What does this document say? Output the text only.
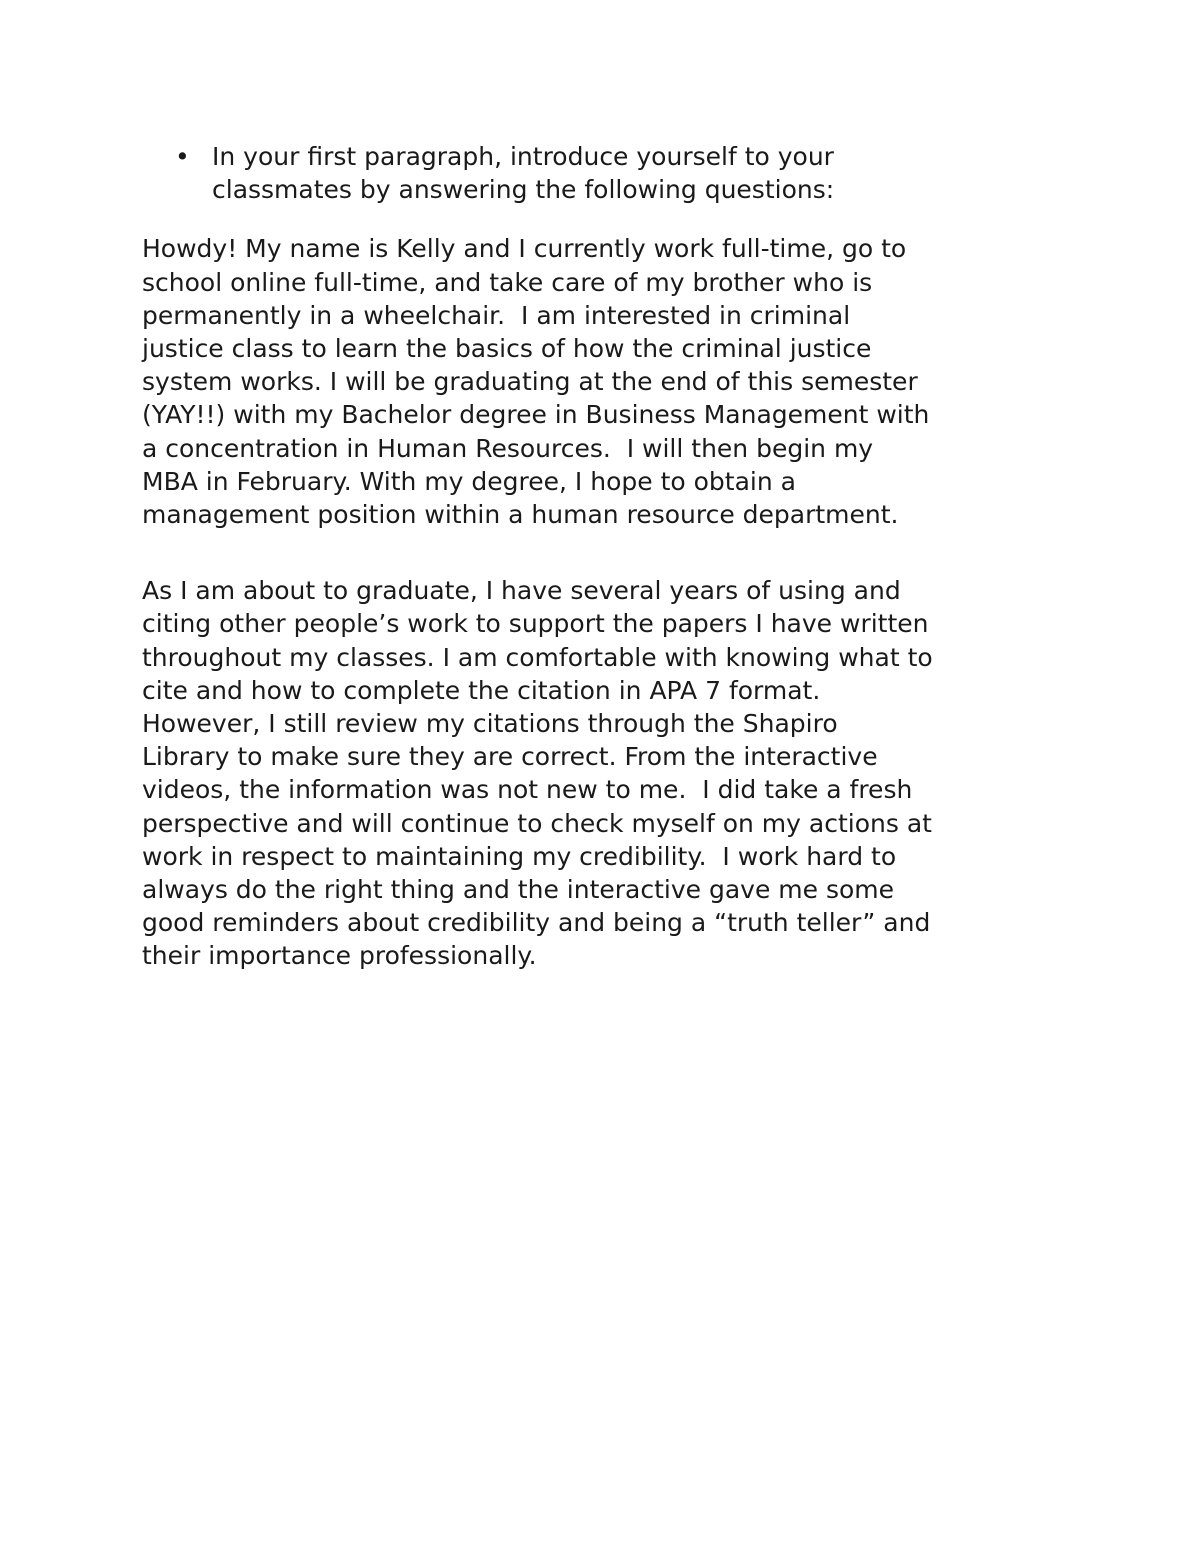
• In your first paragraph, introduce yourself to your
classmates by answering the following questions:

Howdy! My name is Kelly and I currently work full-time, go to
school online full-time, and take care of my brother who is
permanently in a wheelchair.  I am interested in criminal
justice class to learn the basics of how the criminal justice
system works. I will be graduating at the end of this semester
(YAY!!) with my Bachelor degree in Business Management with
a concentration in Human Resources.  I will then begin my
MBA in February. With my degree, I hope to obtain a
management position within a human resource department.

As I am about to graduate, I have several years of using and
citing other people’s work to support the papers I have written
throughout my classes. I am comfortable with knowing what to
cite and how to complete the citation in APA 7 format.
However, I still review my citations through the Shapiro
Library to make sure they are correct. From the interactive
videos, the information was not new to me.  I did take a fresh
perspective and will continue to check myself on my actions at
work in respect to maintaining my credibility.  I work hard to
always do the right thing and the interactive gave me some
good reminders about credibility and being a “truth teller” and
their importance professionally.
